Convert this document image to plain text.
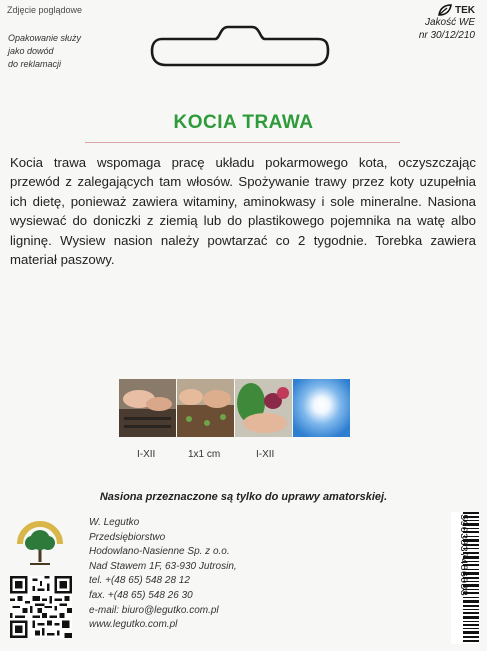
Zdjęcie poglądowe
Opakowanie służy
jako dowód
do reklamacji
TEK
Jakość WE
nr 30/12/210
KOCIA TRAWA
Kocia trawa wspomaga pracę układu pokarmowego kota, oczyszczając przewód z zalegających tam włosów. Spożywanie trawy przez koty uzupełnia ich dietę, ponieważ zawiera witaminy, aminokwasy i sole mineralne. Nasiona wysiewać do doniczki z ziemią lub do plastikowego pojemnika na watę albo ligninę. Wysiew nasion należy powtarzać co 2 tygodnie. Torebka zawiera materiał paszowy.
I-XII	1x1 cm	I-XII
Nasiona przeznaczone są tylko do uprawy amatorskiej.
W. Legutko
Przedsiębiorstwo
Hodowlano-Nasienne Sp. z o.o.
Nad Stawem 1F, 63-930 Jutrosin,
tel. +(48 65) 548 28 12
fax. +(48 65) 548 26 30
e-mail: biuro@legutko.com.pl
www.legutko.com.pl
5903837486038
